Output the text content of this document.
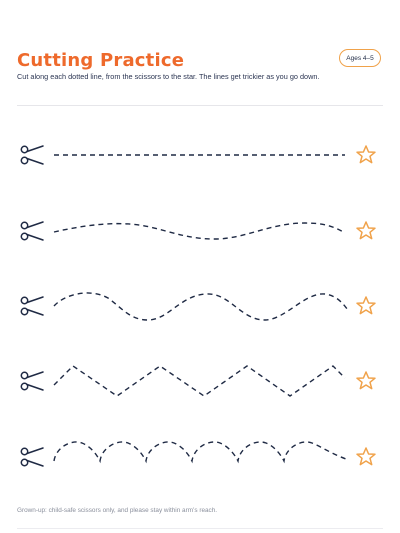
Cutting Practice	Ages 4–5

Cut along each dotted line, from the scissors to the star. The lines get trickier as you go down.

Grown-up: child-safe scissors only, and please stay within arm’s reach.
